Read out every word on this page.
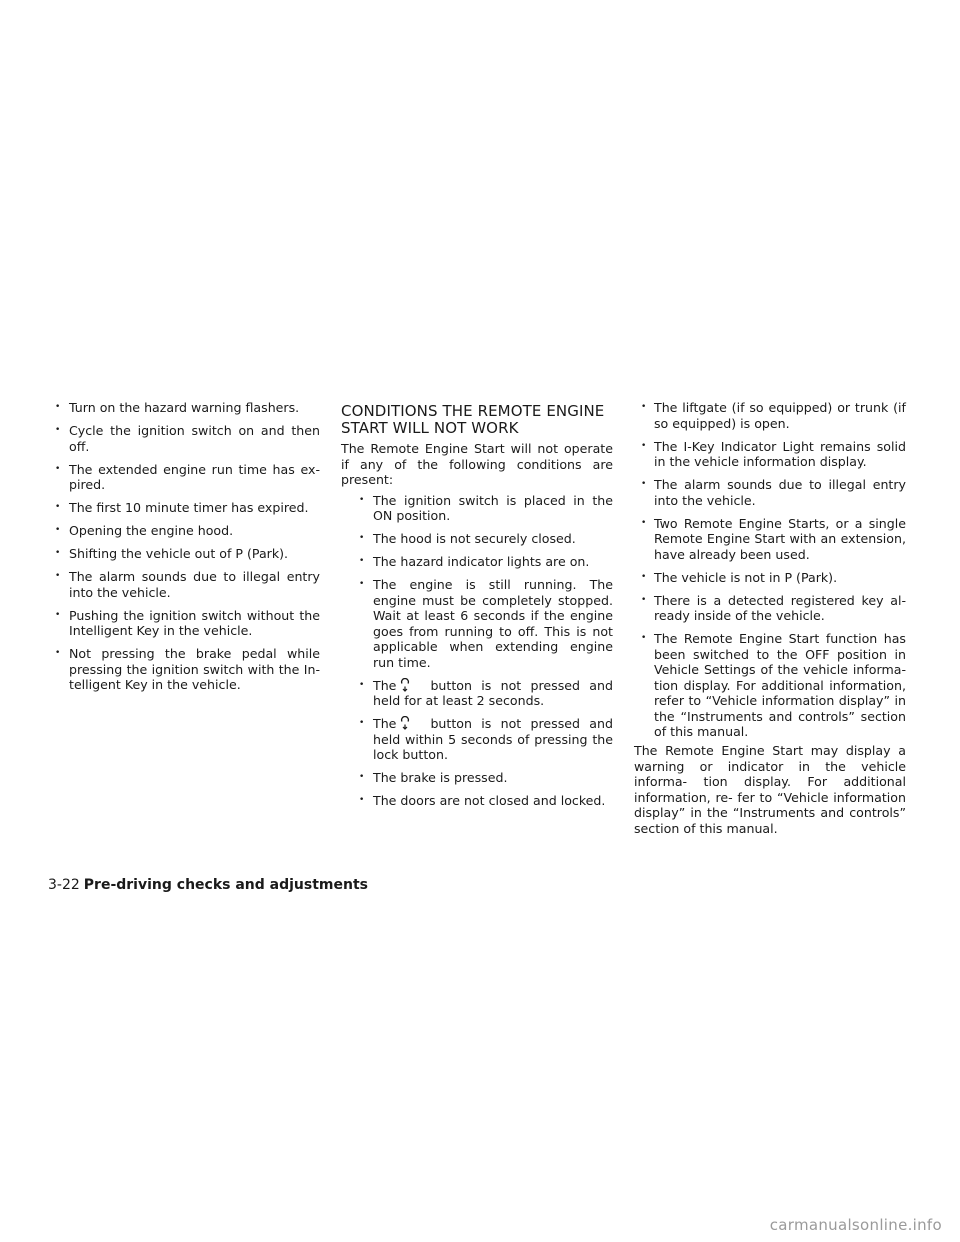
• Turn on the hazard warning flashers.
• Cycle the ignition switch on and then off.
• The extended engine run time has ex- pired.
• The first 10 minute timer has expired.
• Opening the engine hood.
• Shifting the vehicle out of P (Park).
• The alarm sounds due to illegal entry into the vehicle.
• Pushing the ignition switch without the Intelligent Key in the vehicle.
• Not pressing the brake pedal while pressing the ignition switch with the In- telligent Key in the vehicle.
CONDITIONS THE REMOTE ENGINE START WILL NOT WORK

The Remote Engine Start will not operate if any of the following conditions are present:

• The ignition switch is placed in the ON position.
• The hood is not securely closed.
• The hazard indicator lights are on.
• The engine is still running. The engine must be completely stopped. Wait at least 6 seconds if the engine goes from running to off. This is not applicable when extending engine run time.
• The	button is not pressed and held for at least 2 seconds.
• The	button is not pressed and held within 5 seconds of pressing the lock button.
• The brake is pressed.
• The doors are not closed and locked.
• The liftgate (if so equipped) or trunk (if so equipped) is open.
• The I-Key Indicator Light remains solid in the vehicle information display.
• The alarm sounds due to illegal entry into the vehicle.
• Two Remote Engine Starts, or a single Remote Engine Start with an extension, have already been used.
• The vehicle is not in P (Park).
• There is a detected registered key al- ready inside of the vehicle.
• The Remote Engine Start function has been switched to the OFF position in Vehicle Settings of the vehicle informa- tion display. For additional information, refer to “Vehicle information display” in the “Instruments and controls” section of this manual.

The Remote Engine Start may display a warning or indicator in the vehicle informa- tion display. For additional information, re- fer to “Vehicle information display” in the “Instruments and controls” section of this manual.

3-22 Pre-driving checks and adjustments
carmanualsonline.info
